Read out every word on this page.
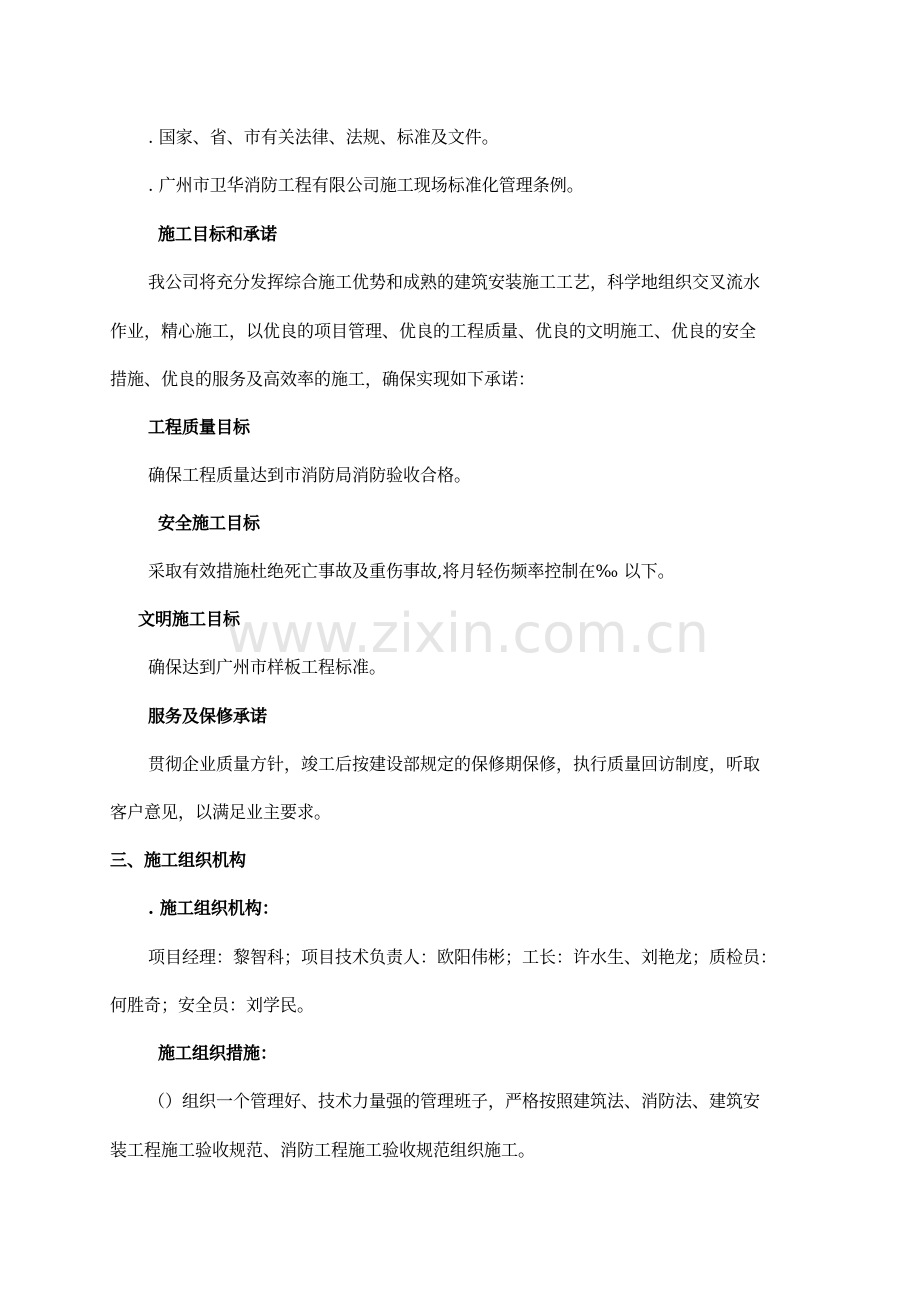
. 国家、省、市有关法律、法规、标准及文件。
. 广州市卫华消防工程有限公司施工现场标准化管理条例。
施工目标和承诺
我公司将充分发挥综合施工优势和成熟的建筑安装施工工艺，科学地组织交叉流水
作业，精心施工，以优良的项目管理、优良的工程质量、优良的文明施工、优良的安全
措施、优良的服务及高效率的施工，确保实现如下承诺：
工程质量目标
确保工程质量达到市消防局消防验收合格。
安全施工目标
采取有效措施杜绝死亡事故及重伤事故,将月轻伤频率控制在‰ 以下。
文明施工目标
确保达到广州市样板工程标准。
服务及保修承诺
贯彻企业质量方针，竣工后按建设部规定的保修期保修，执行质量回访制度，听取
客户意见，以满足业主要求。
三、施工组织机构
. 施工组织机构：
项目经理：黎智科；项目技术负责人：欧阳伟彬；工长：许水生、刘艳龙；质检员：
何胜奇；安全员：刘学民。
施工组织措施：
（）组织一个管理好、技术力量强的管理班子，严格按照建筑法、消防法、建筑安
装工程施工验收规范、消防工程施工验收规范组织施工。
www.zixin.com.cn
